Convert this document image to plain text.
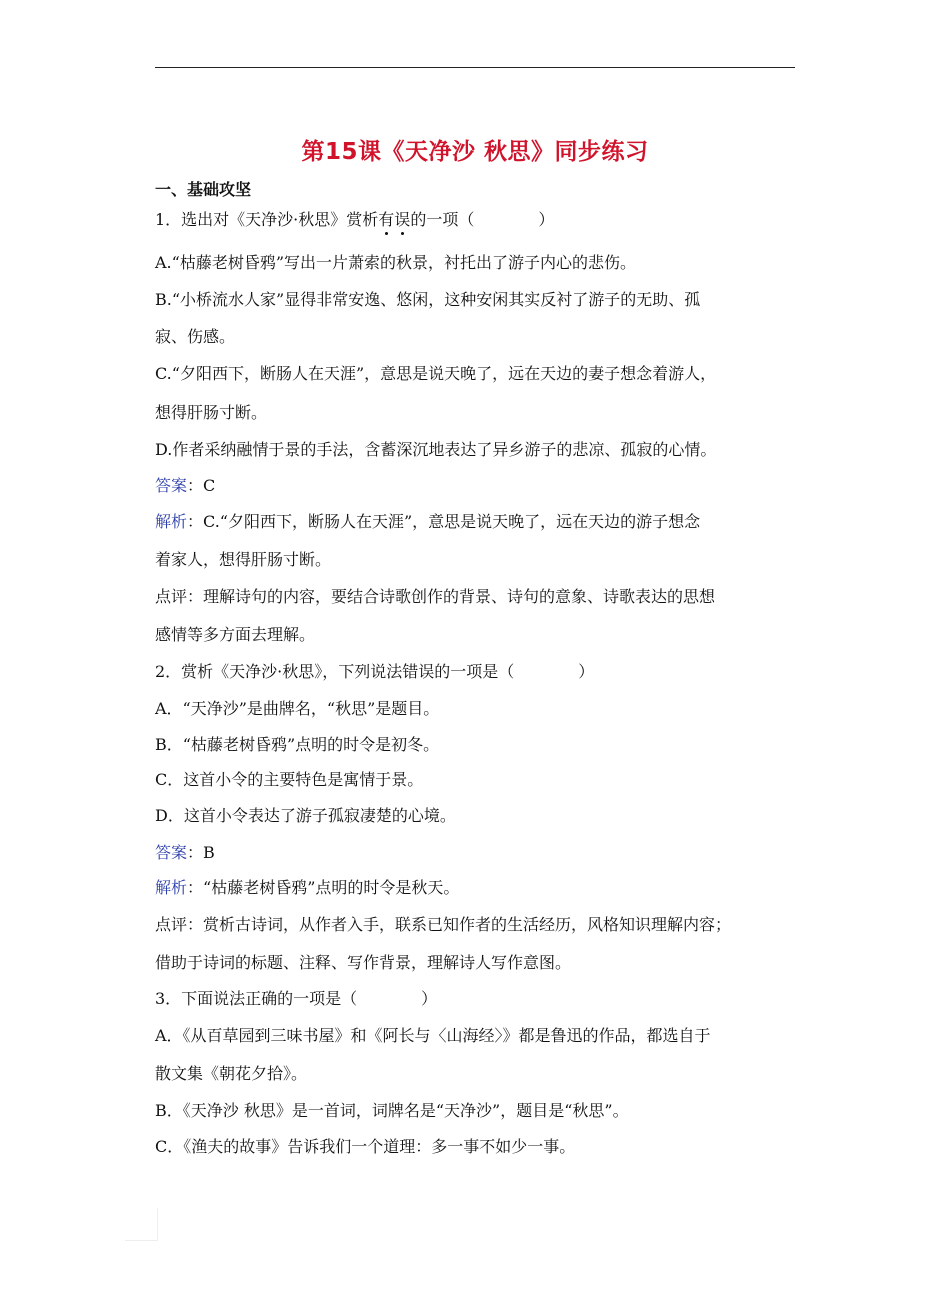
第15课《天净沙 秋思》同步练习
一、基础攻坚
1．选出对《天净沙·秋思》赏析有误的一项（　　　　）
A.“枯藤老树昏鸦”写出一片萧索的秋景，衬托出了游子内心的悲伤。
B.“小桥流水人家”显得非常安逸、悠闲，这种安闲其实反衬了游子的无助、孤
寂、伤感。
C.“夕阳西下，断肠人在天涯”，意思是说天晚了，远在天边的妻子想念着游人，
想得肝肠寸断。
D.作者采纳融情于景的手法，含蓄深沉地表达了异乡游子的悲凉、孤寂的心情。
答案：C
解析：C.“夕阳西下，断肠人在天涯”，意思是说天晚了，远在天边的游子想念
着家人，想得肝肠寸断。
点评：理解诗句的内容，要结合诗歌创作的背景、诗句的意象、诗歌表达的思想
感情等多方面去理解。
2．赏析《天净沙·秋思》，下列说法错误的一项是（　　　　）
A．“天净沙”是曲牌名，“秋思”是题目。
B．“枯藤老树昏鸦”点明的时令是初冬。
C．这首小令的主要特色是寓情于景。
D．这首小令表达了游子孤寂凄楚的心境。
答案：B
解析：“枯藤老树昏鸦”点明的时令是秋天。
点评：赏析古诗词，从作者入手，联系已知作者的生活经历，风格知识理解内容；
借助于诗词的标题、注释、写作背景，理解诗人写作意图。
3．下面说法正确的一项是（　　　　）
A．《从百草园到三味书屋》和《阿长与〈山海经〉》都是鲁迅的作品，都选自于
散文集《朝花夕拾》。
B．《天净沙 秋思》是一首词，词牌名是“天净沙”，题目是“秋思”。
C．《渔夫的故事》告诉我们一个道理：多一事不如少一事。
